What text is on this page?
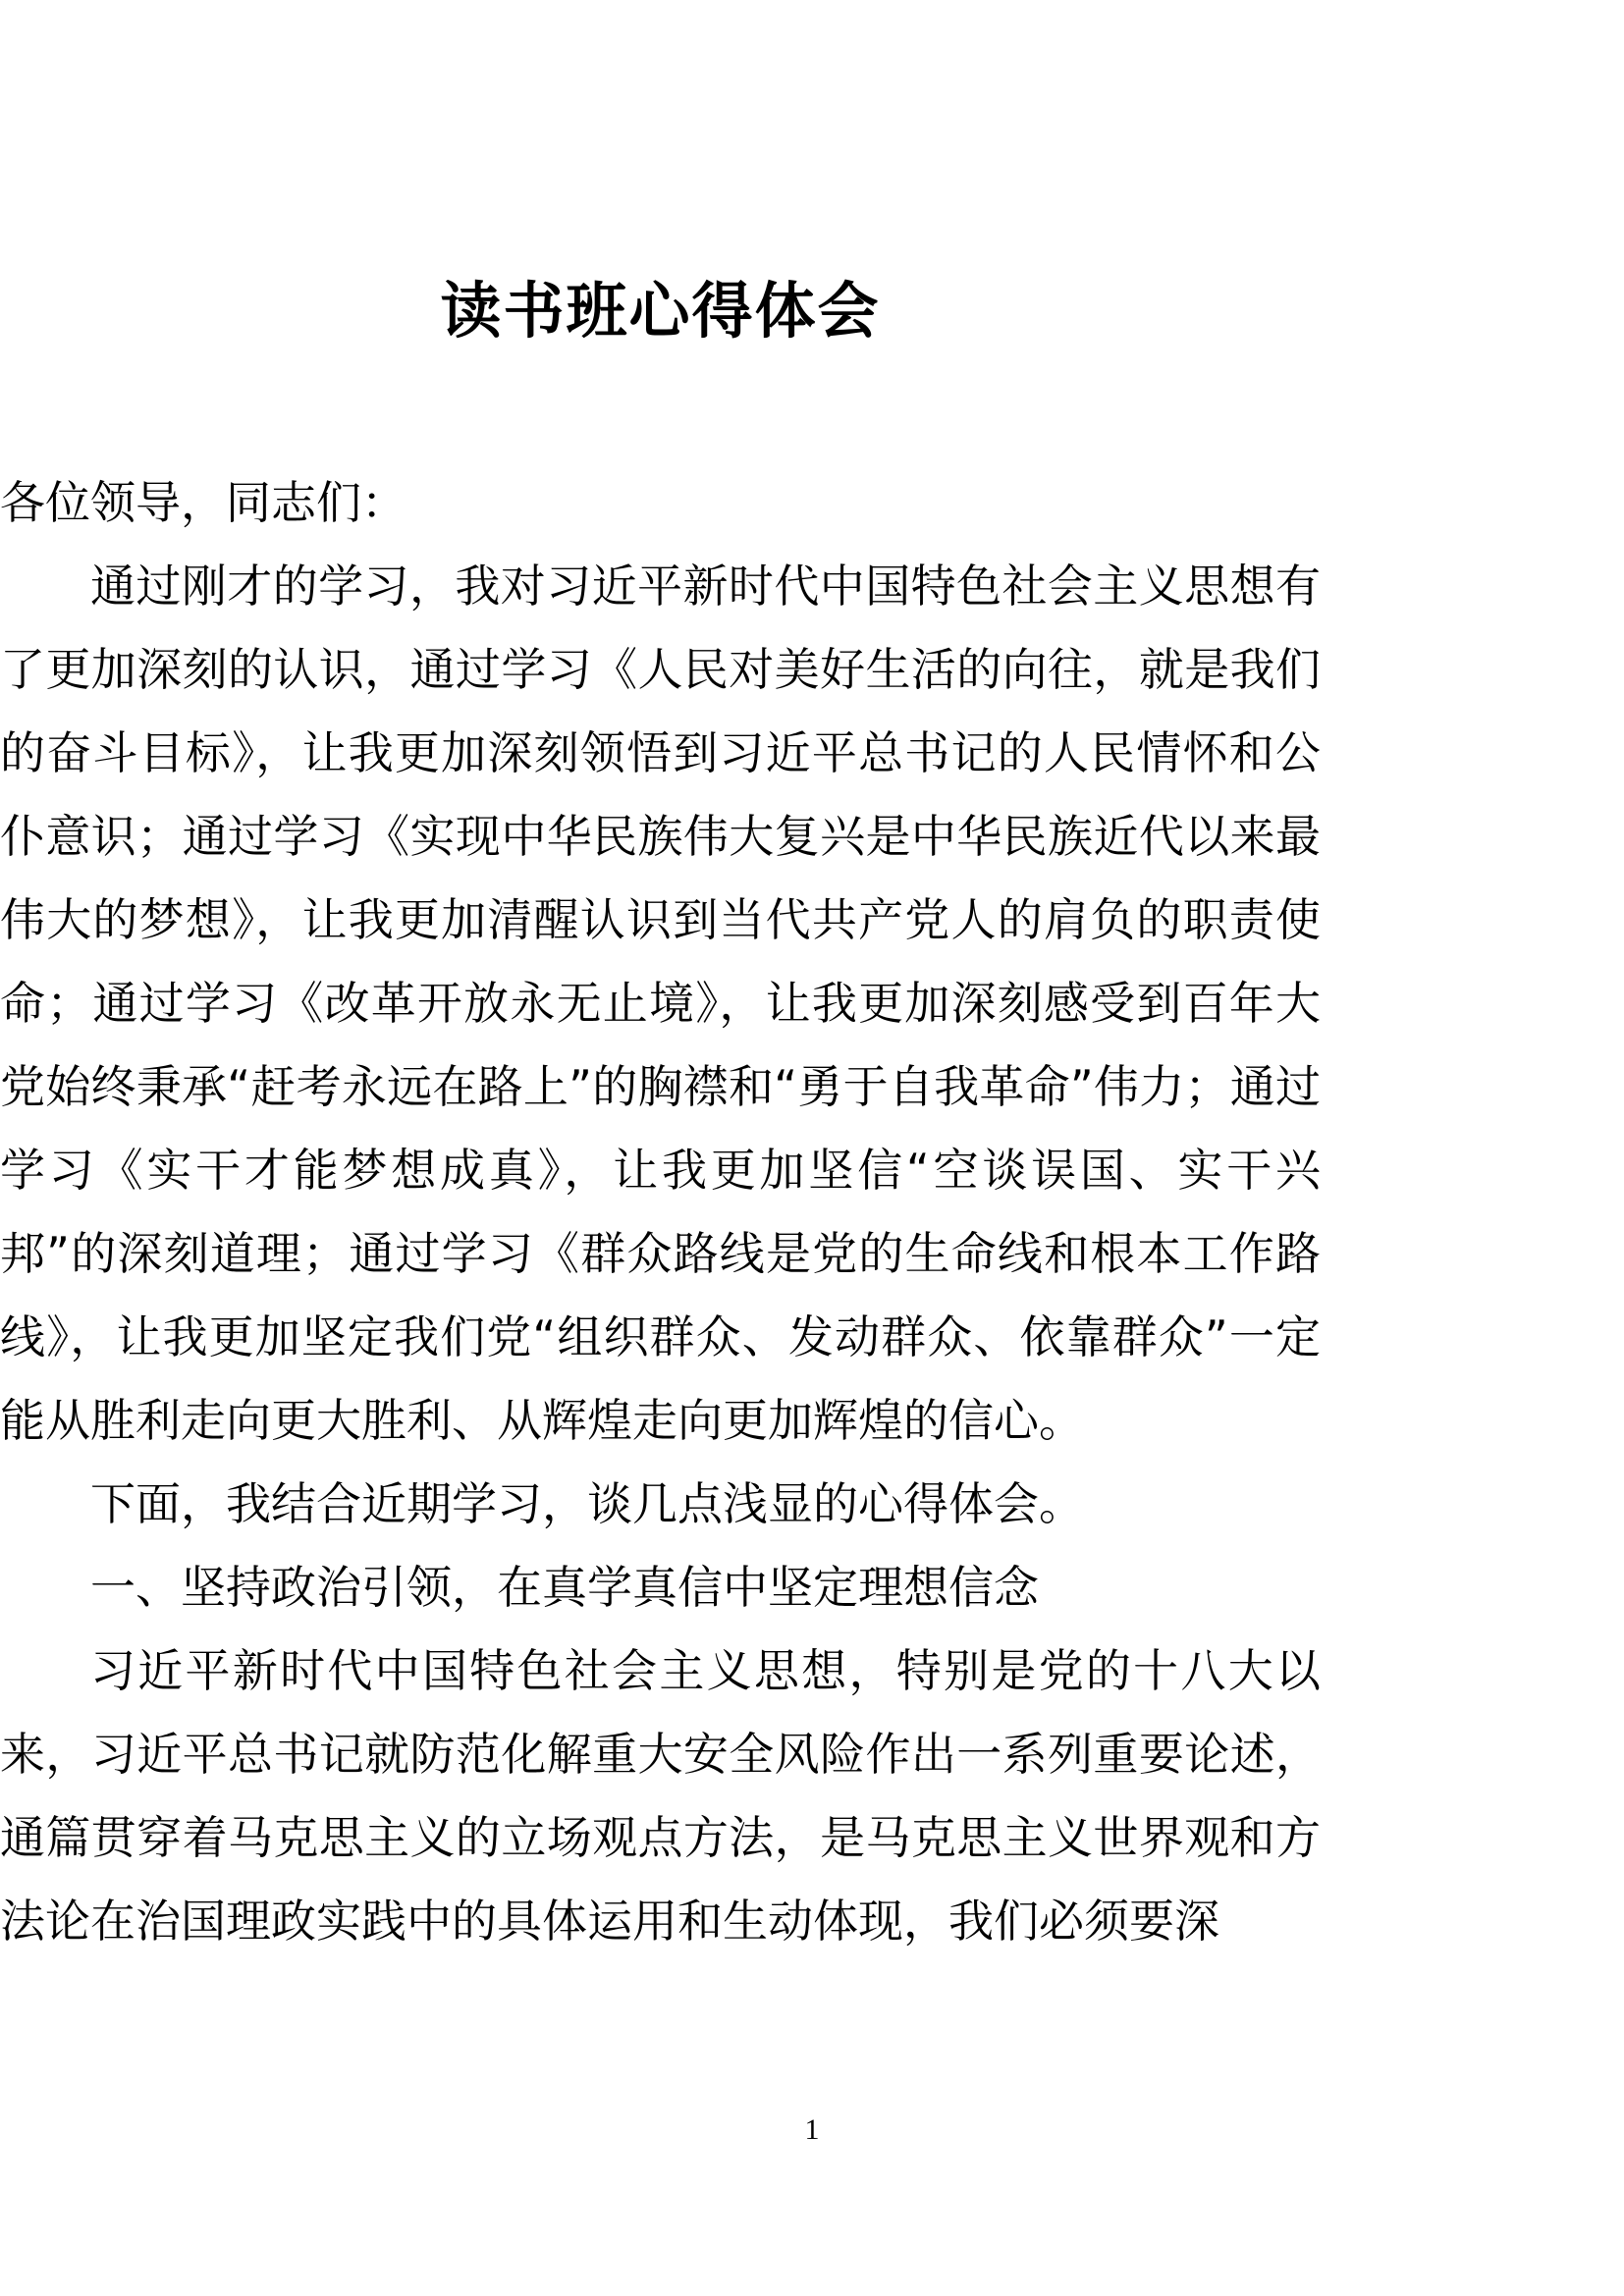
读书班心得体会

各位领导，同志们：

通过刚才的学习，我对习近平新时代中国特色社会主义思想有了更加深刻的认识，通过学习《人民对美好生活的向往，就是我们的奋斗目标》，让我更加深刻领悟到习近平总书记的人民情怀和公仆意识；通过学习《实现中华民族伟大复兴是中华民族近代以来最伟大的梦想》，让我更加清醒认识到当代共产党人的肩负的职责使命；通过学习《改革开放永无止境》，让我更加深刻感受到百年大党始终秉承“赶考永远在路上”的胸襟和“勇于自我革命”伟力；通过学习《实干才能梦想成真》，让我更加坚信“空谈误国、实干兴邦”的深刻道理；通过学习《群众路线是党的生命线和根本工作路线》，让我更加坚定我们党“组织群众、发动群众、依靠群众”一定能从胜利走向更大胜利、从辉煌走向更加辉煌的信心。

下面，我结合近期学习，谈几点浅显的心得体会。

一、坚持政治引领，在真学真信中坚定理想信念

习近平新时代中国特色社会主义思想，特别是党的十八大以来，习近平总书记就防范化解重大安全风险作出一系列重要论述，通篇贯穿着马克思主义的立场观点方法，是马克思主义世界观和方法论在治国理政实践中的具体运用和生动体现，我们必须要深

1
